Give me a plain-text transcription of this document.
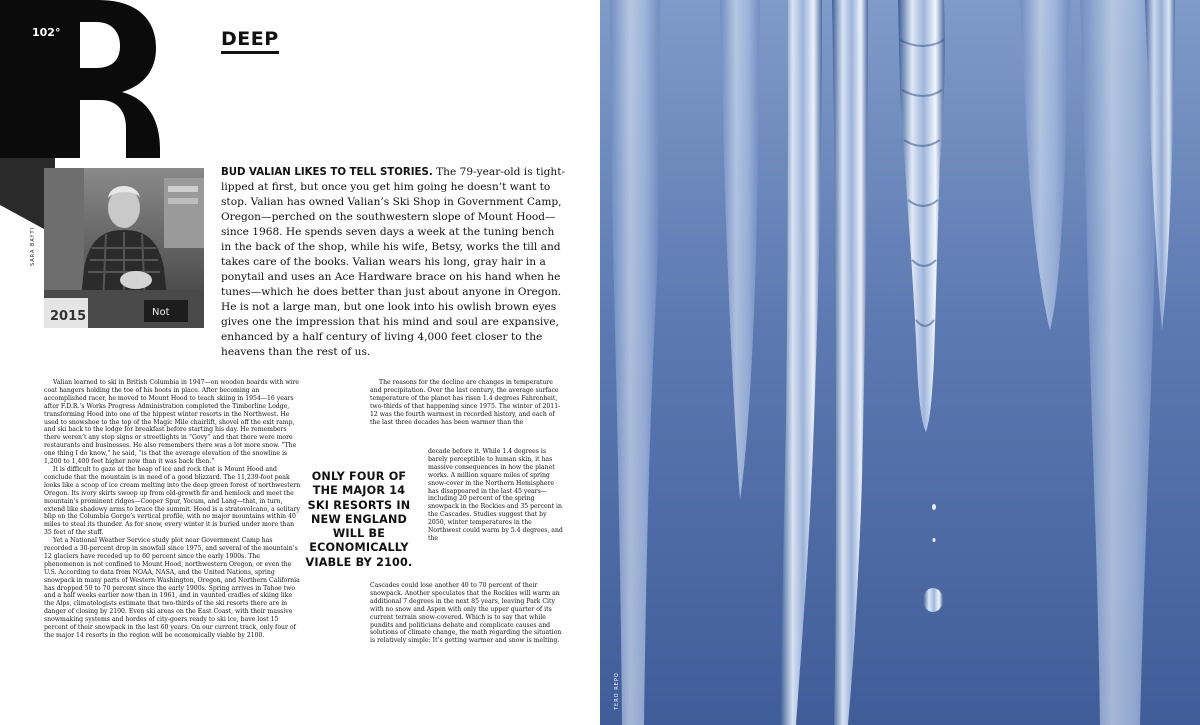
102°	DEEP
2015	Not
SARA BAYTI

BUD VALIAN LIKES TO TELL STORIES. The 79-year-old is tight-lipped at first, but once you get him going he doesn’t want to stop. Valian has owned Valian’s Ski Shop in Government Camp, Oregon—perched on the southwestern slope of Mount Hood—since 1968. He spends seven days a week at the tuning bench in the back of the shop, while his wife, Betsy, works the till and takes care of the books. Valian wears his long, gray hair in a ponytail and uses an Ace Hardware brace on his hand when he tunes—which he does better than just about anyone in Oregon. He is not a large man, but one look into his owlish brown eyes gives one the impression that his mind and soul are expansive, enhanced by a half century of living 4,000 feet closer to the heavens than the rest of us.

Valian learned to ski in British Columbia in 1947—on wooden boards with wire coat hangers holding the toe of his boots in place. After becoming an accomplished racer, he moved to Mount Hood to teach skiing in 1954—16 years after F.D.R.’s Works Progress Administration completed the Timberline Lodge, transforming Hood into one of the hippest winter resorts in the Northwest. He used to snowshoe to the top of the Magic Mile chairlift, shovel off the exit ramp, and ski back to the lodge for breakfast before starting his day. He remembers there weren’t any stop signs or streetlights in “Govy” and that there were more restaurants and businesses. He also remembers there was a lot more snow. “The one thing I do know,” he said, “is that the average elevation of the snowline is 1,200 to 1,400 feet higher now than it was back then.”

It is difficult to gaze at the heap of ice and rock that is Mount Hood and conclude that the mountain is in need of a good blizzard. The 11,239-foot peak looks like a scoop of ice cream melting into the deep green forest of northwestern Oregon. Its ivory skirts swoop up from old-growth fir and hemlock and meet the mountain’s prominent ridges—Cooper Spur, Yocum, and Lang—that, in turn, extend like shadowy arms to brace the summit. Hood is a stratovolcano, a solitary blip on the Columbia Gorge’s vertical profile, with no major mountains within 40 miles to steal its thunder. As for snow, every winter it is buried under more than 35 feet of the stuff.

Yet a National Weather Service study plot near Government Camp has recorded a 30-percent drop in snowfall since 1975, and several of the mountain’s 12 glaciers have receded up to 60 percent since the early 1900s. The phenomenon is not confined to Mount Hood, northwestern Oregon, or even the U.S. According to data from NOAA, NASA, and the United Nations, spring snowpack in many parts of Western Washington, Oregon, and Northern California has dropped 50 to 70 percent since the early 1900s. Spring arrives in Tahoe two and a half weeks earlier now than in 1961, and in vaunted cradles of skiing like the Alps, climatologists estimate that two-thirds of the ski resorts there are in danger of closing by 2100. Even ski areas on the East Coast, with their massive snowmaking systems and hordes of city-goers ready to ski ice, have lost 15 percent of their snowpack in the last 60 years. On our current track, only four of the major 14 resorts in the region will be economically viable by 2100.

ONLY FOUR OF THE MAJOR 14 SKI RESORTS IN NEW ENGLAND WILL BE ECONOMICALLY VIABLE BY 2100.

The reasons for the decline are changes in temperature and precipitation. Over the last century, the average surface temperature of the planet has risen 1.4 degrees Fahrenheit, two-thirds of that happening since 1975. The winter of 2011-12 was the fourth warmest in recorded history, and each of the last three decades has been warmer than the

decade before it. While 1.4 degrees is barely perceptible to human skin, it has massive consequences in how the planet works. A million square miles of spring snow-cover in the Northern Hemisphere has disappeared in the last 45 years—including 20 percent of the spring snowpack in the Rockies and 35 percent in the Cascades. Studies suggest that by 2050, winter temperatures in the Northwest could warm by 5.4 degrees, and the

Cascades could lose another 40 to 70 percent of their snowpack. Another speculates that the Rockies will warm an additional 7 degrees in the next 85 years, leaving Park City with no snow and Aspen with only the upper quarter of its current terrain snow-covered. Which is to say that while pundits and politicians debate and complicate causes and solutions of climate change, the math regarding the situation is relatively simple: It’s getting warmer and snow is melting.

TERO REPO
